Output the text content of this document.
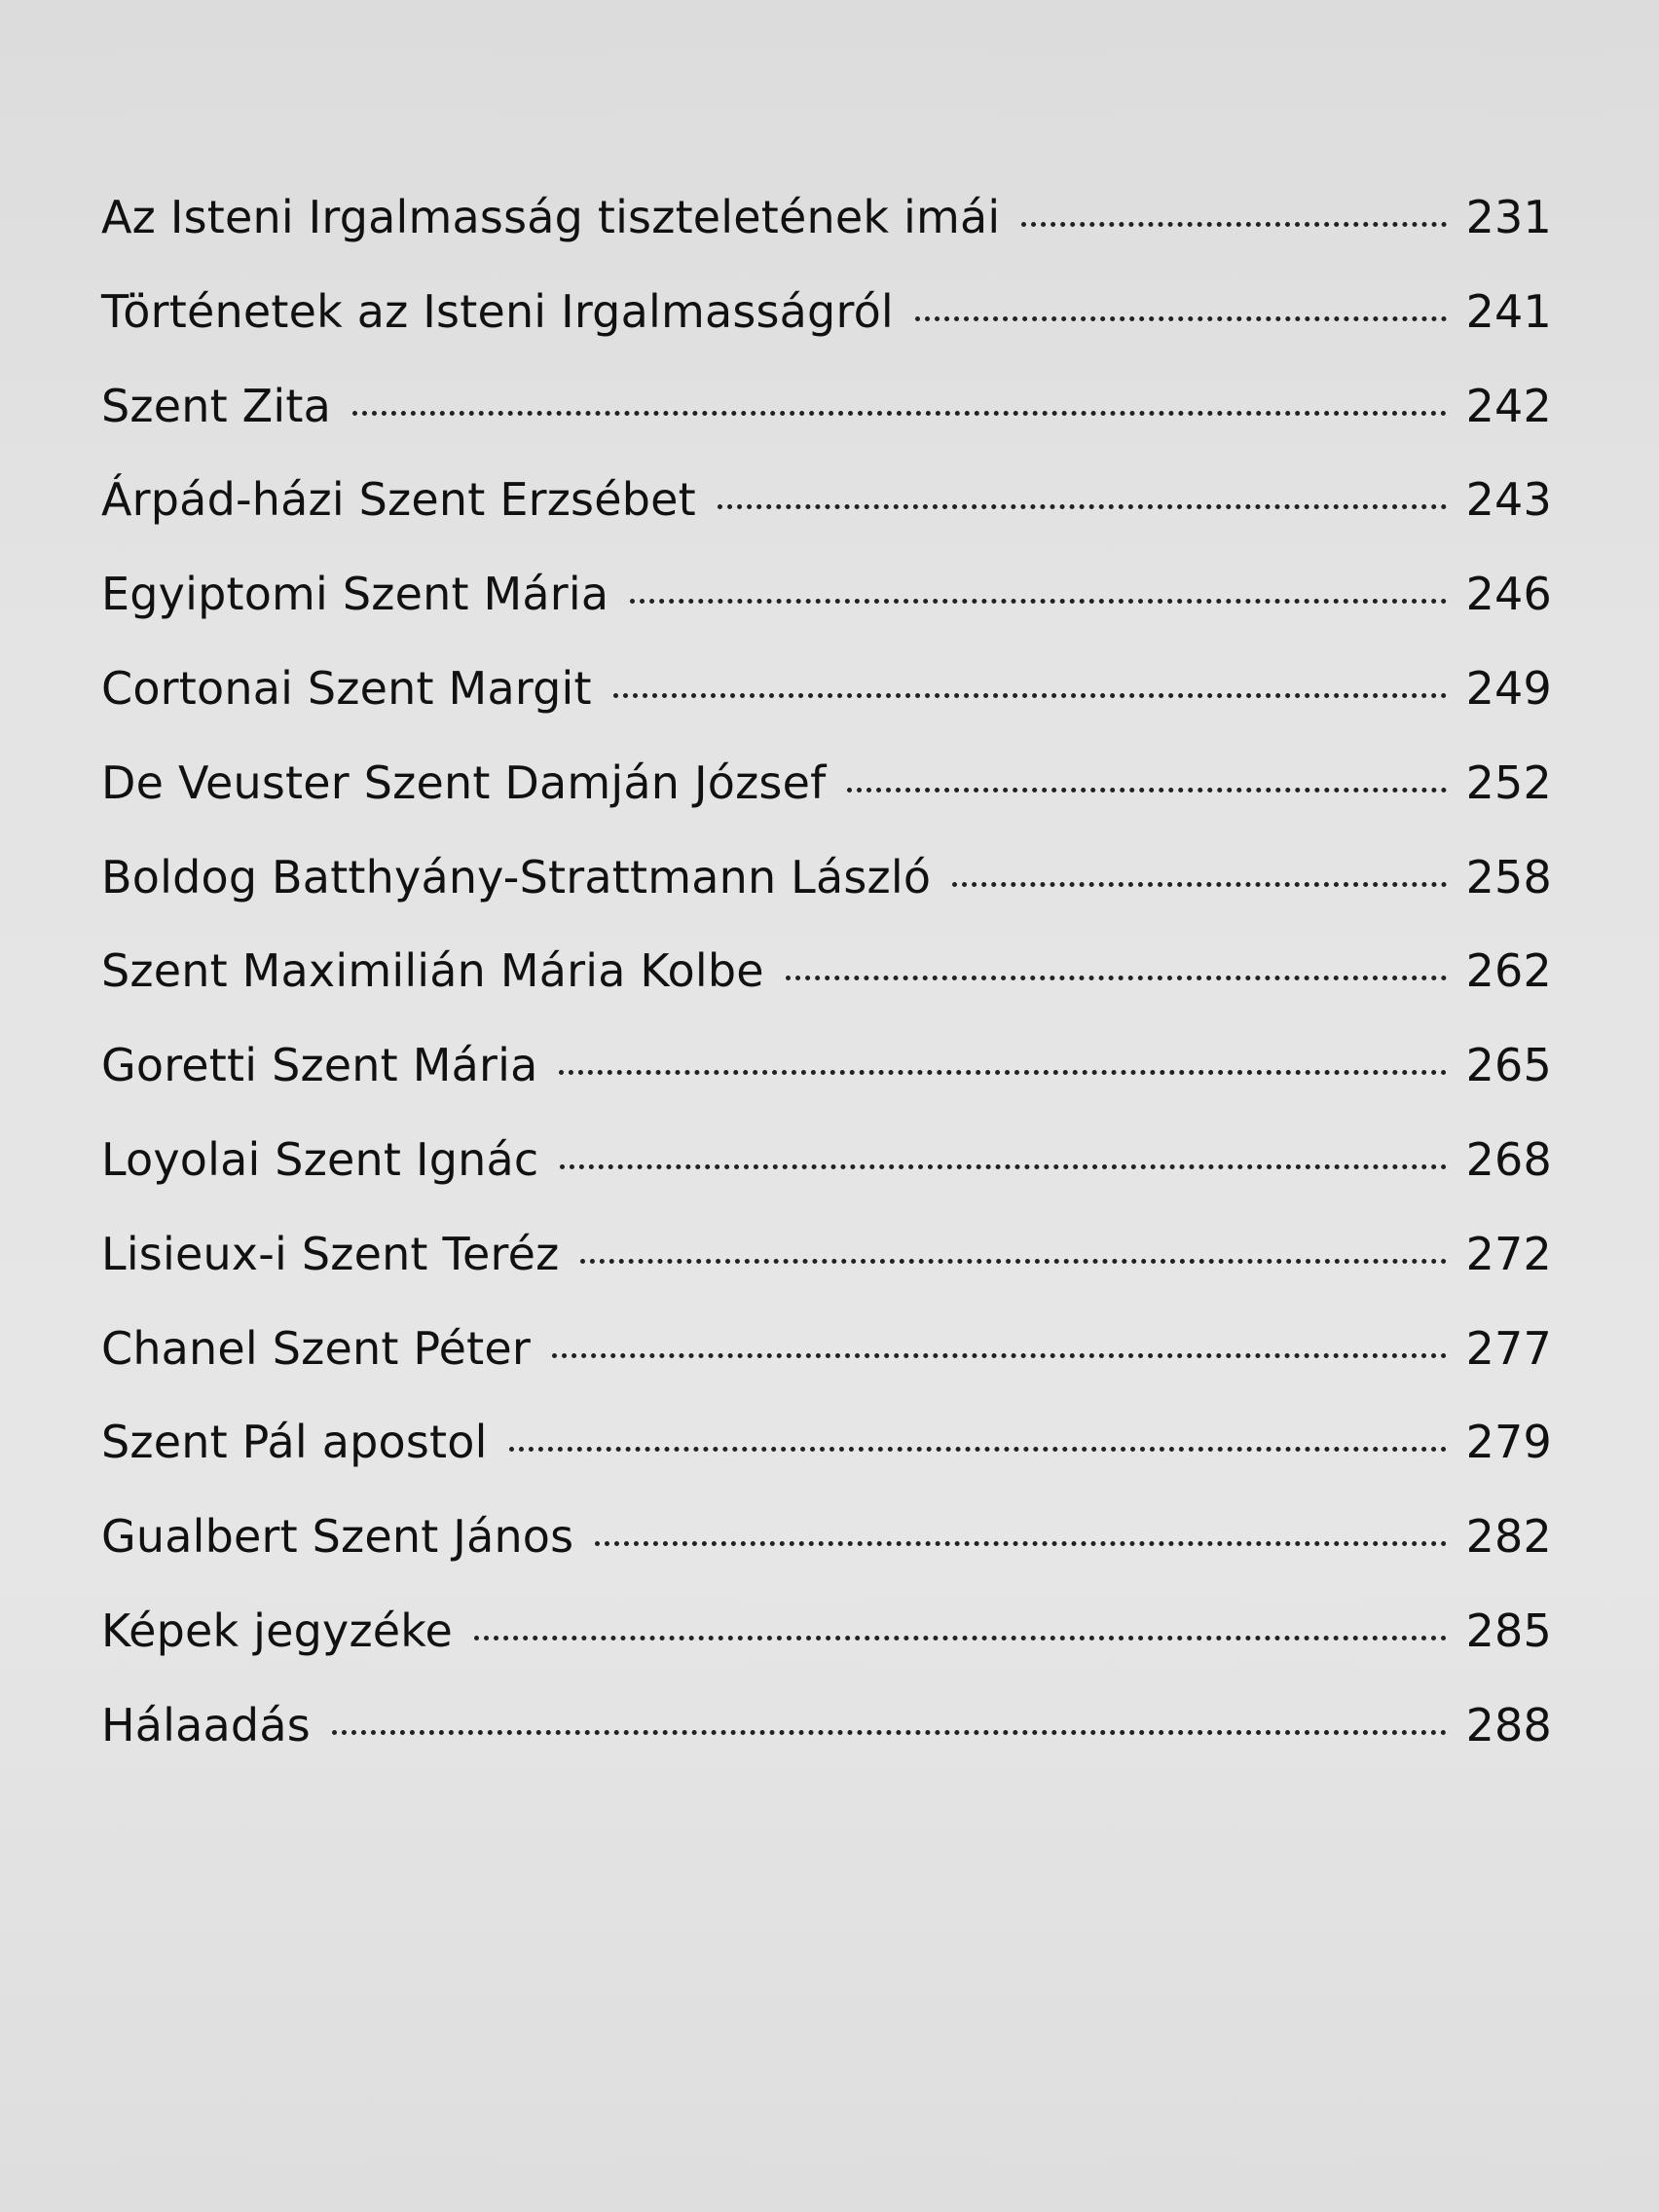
Az Isteni Irgalmasság tiszteletének imái	231
Történetek az Isteni Irgalmasságról	241
Szent Zita	242
Árpád-házi Szent Erzsébet	243
Egyiptomi Szent Mária	246
Cortonai Szent Margit	249
De Veuster Szent Damján József	252
Boldog Batthyány-Strattmann László	258
Szent Maximilián Mária Kolbe	262
Goretti Szent Mária	265
Loyolai Szent Ignác	268
Lisieux-i Szent Teréz	272
Chanel Szent Péter	277
Szent Pál apostol	279
Gualbert Szent János	282
Képek jegyzéke	285
Hálaadás	288
